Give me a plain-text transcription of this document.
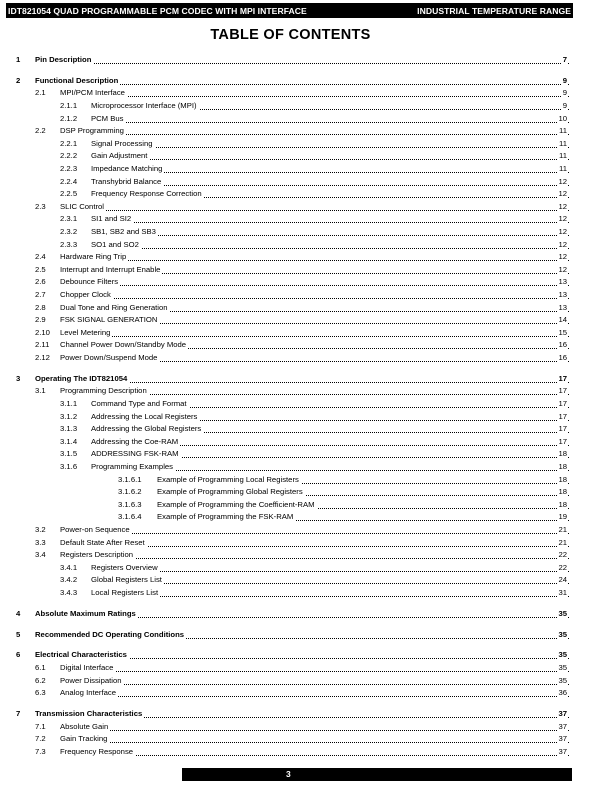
IDT821054 QUAD PROGRAMMABLE PCM CODEC WITH MPI INTERFACE	INDUSTRIAL TEMPERATURE RANGE
TABLE OF CONTENTS
1 Pin Description	7
2 Functional Description	9
2.1 MPI/PCM Interface	9
2.1.1 Microprocessor Interface (MPI)	9
2.1.2 PCM Bus	10
2.2 DSP Programming	11
2.2.1 Signal Processing	11
2.2.2 Gain Adjustment	11
2.2.3 Impedance Matching	11
2.2.4 Transhybrid Balance	12
2.2.5 Frequency Response Correction	12
2.3 SLIC Control	12
2.3.1 SI1 and SI2	12
2.3.2 SB1, SB2 and SB3	12
2.3.3 SO1 and SO2	12
2.4 Hardware Ring Trip	12
2.5 Interrupt and Interrupt Enable	12
2.6 Debounce Filters	13
2.7 Chopper Clock	13
2.8 Dual Tone and Ring Generation	13
2.9 FSK SIGNAL GENERATION	14
2.10 Level Metering	15
2.11 Channel Power Down/Standby Mode	16
2.12 Power Down/Suspend Mode	16
3 Operating The IDT821054	17
3.1 Programming Description	17
3.1.1 Command Type and Format	17
3.1.2 Addressing the Local Registers	17
3.1.3 Addressing the Global Registers	17
3.1.4 Addressing the Coe-RAM	17
3.1.5 ADDRESSING FSK-RAM	18
3.1.6 Programming Examples	18
3.1.6.1 Example of Programming Local Registers	18
3.1.6.2 Example of Programming Global Registers	18
3.1.6.3 Example of Programming the Coefficient-RAM	18
3.1.6.4 Example of Programming the FSK-RAM	19
3.2 Power-on Sequence	21
3.3 Default State After Reset	21
3.4 Registers Description	22
3.4.1 Registers Overview	22
3.4.2 Global Registers List	24
3.4.3 Local Registers List	31
4 Absolute Maximum Ratings	35
5 Recommended DC Operating Conditions	35
6 Electrical Characteristics	35
6.1 Digital Interface	35
6.2 Power Dissipation	35
6.3 Analog Interface	36
7 Transmission Characteristics	37
7.1 Absolute Gain	37
7.2 Gain Tracking	37
7.3 Frequency Response	37
3
